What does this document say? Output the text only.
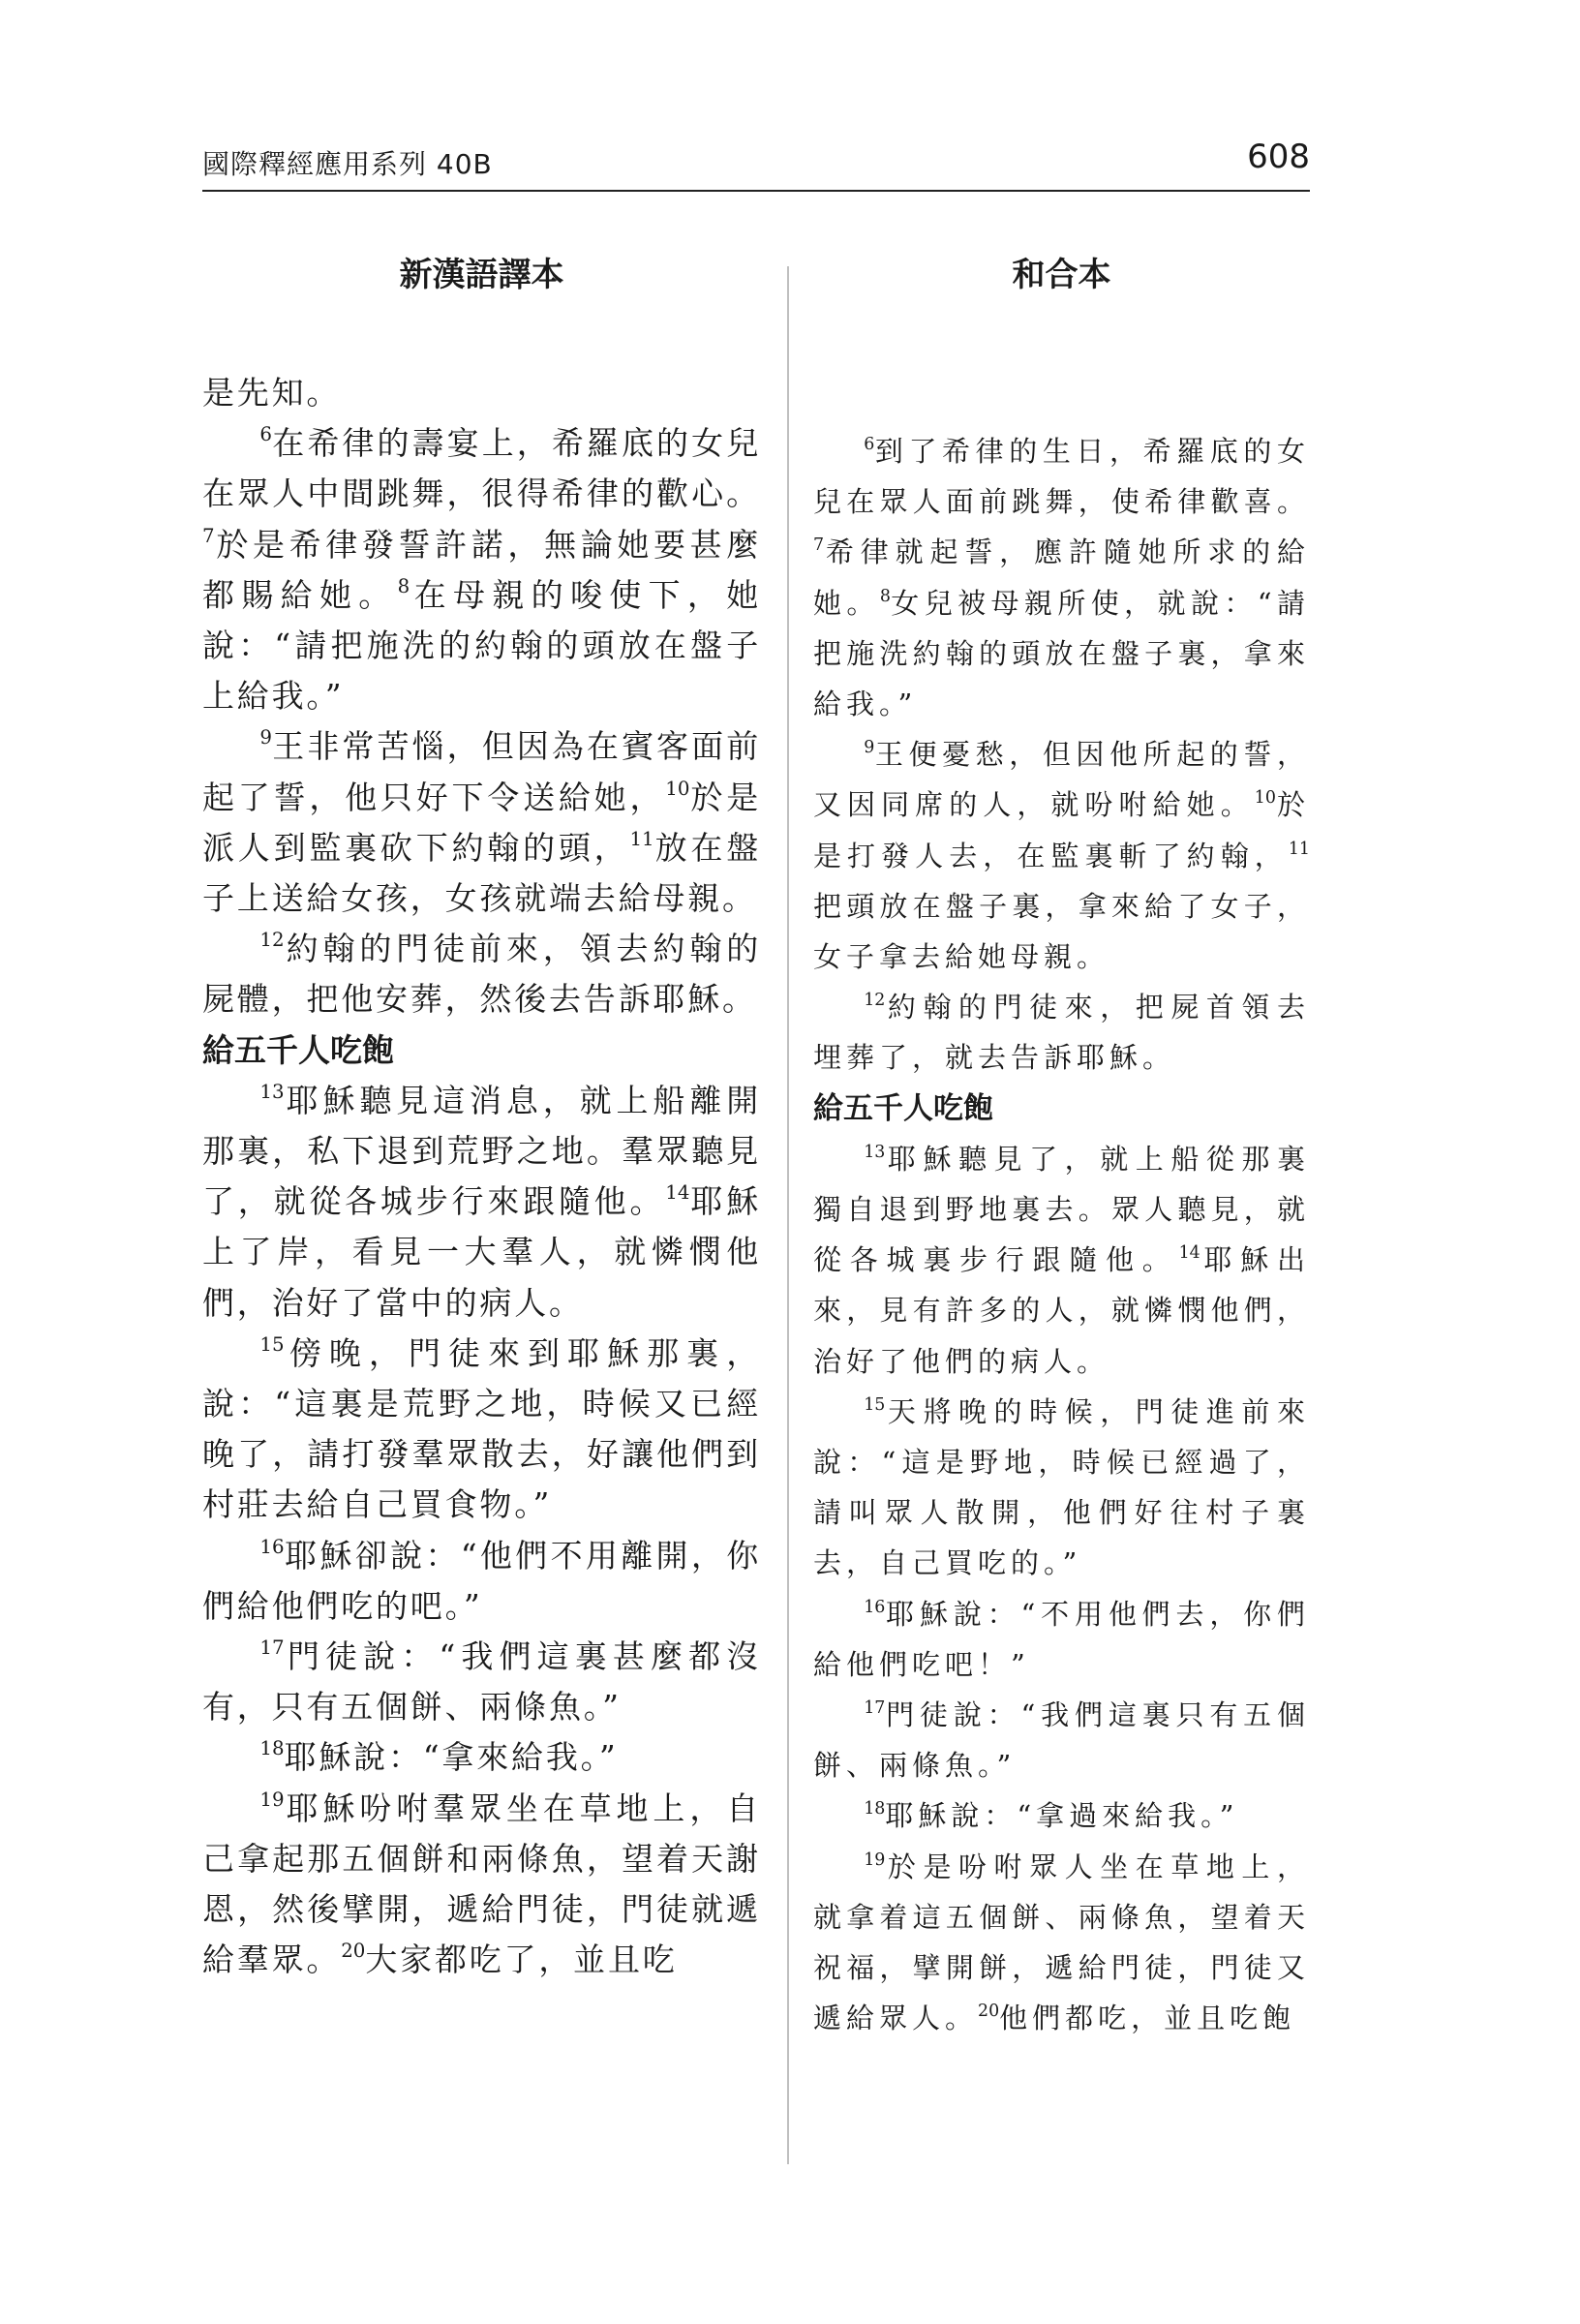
國際釋經應用系列 40B	608
新漢語譯本

是先知。

$^6$在希律的壽宴上，希羅底的女兒在眾人中間跳舞，很得希律的歡心。$^7$於是希律發誓許諾，無論她要甚麼都賜給她。$^8$在母親的唆使下，她說：“請把施洗的約翰的頭放在盤子上給我。”

$^9$王非常苦惱，但因為在賓客面前起了誓，他只好下令送給她，$^{10}$於是派人到監裏砍下約翰的頭，$^{11}$放在盤子上送給女孩，女孩就端去給母親。

$^{12}$約翰的門徒前來，領去約翰的屍體，把他安葬，然後去告訴耶穌。

給五千人吃飽

$^{13}$耶穌聽見這消息，就上船離開那裏，私下退到荒野之地。羣眾聽見了，就從各城步行來跟隨他。$^{14}$耶穌上了岸，看見一大羣人，就憐憫他們，治好了當中的病人。

$^{15}$傍晚，門徒來到耶穌那裏，說：“這裏是荒野之地，時候又已經晚了，請打發羣眾散去，好讓他們到村莊去給自己買食物。”

$^{16}$耶穌卻說：“他們不用離開，你們給他們吃的吧。”

$^{17}$門徒說：“我們這裏甚麼都沒有，只有五個餅、兩條魚。”

$^{18}$耶穌說：“拿來給我。”

$^{19}$耶穌吩咐羣眾坐在草地上，自己拿起那五個餅和兩條魚，望着天謝恩，然後擘開，遞給門徒，門徒就遞給羣眾。$^{20}$大家都吃了，並且吃

和合本

$^6$到了希律的生日，希羅底的女兒在眾人面前跳舞，使希律歡喜。$^7$希律就起誓，應許隨她所求的給她。$^8$女兒被母親所使，就說：“請把施洗約翰的頭放在盤子裏，拿來給我。”

$^9$王便憂愁，但因他所起的誓，又因同席的人，就吩咐給她。$^{10}$於是打發人去，在監裏斬了約翰，$^{11}$把頭放在盤子裏，拿來給了女子，女子拿去給她母親。

$^{12}$約翰的門徒來，把屍首領去埋葬了，就去告訴耶穌。

給五千人吃飽

$^{13}$耶穌聽見了，就上船從那裏獨自退到野地裏去。眾人聽見，就從各城裏步行跟隨他。$^{14}$耶穌出來，見有許多的人，就憐憫他們，治好了他們的病人。

$^{15}$天將晚的時候，門徒進前來說：“這是野地，時候已經過了，請叫眾人散開，他們好往村子裏去，自己買吃的。”

$^{16}$耶穌說：“不用他們去，你們給他們吃吧！”

$^{17}$門徒說：“我們這裏只有五個餅、兩條魚。”

$^{18}$耶穌說：“拿過來給我。”

$^{19}$於是吩咐眾人坐在草地上，就拿着這五個餅、兩條魚，望着天祝福，擘開餅，遞給門徒，門徒又遞給眾人。$^{20}$他們都吃，並且吃飽
